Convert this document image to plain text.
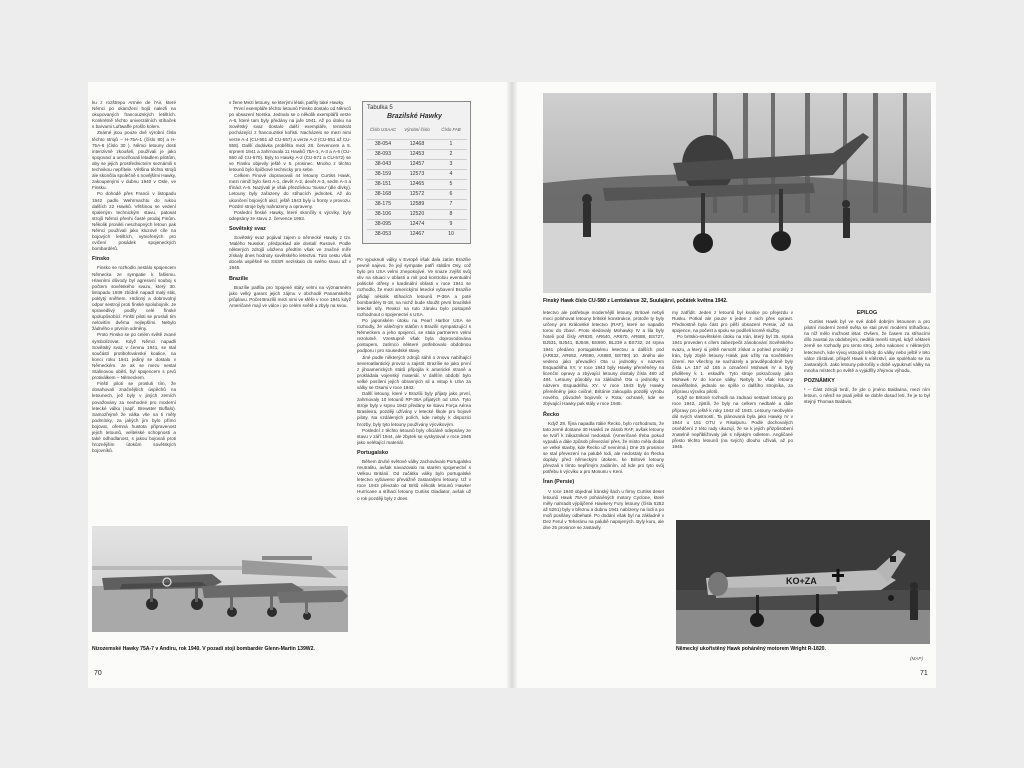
ku z rozštrepu Armée de l'Air, které Němci po okamžení bojů nalezli na okupovaných francouzských letištích. Konkrétně těchto univerzálních stíhaček s barvami Luftwaffe prošlo kolem.

Známé jsou pouze dvě výrobní čísla těchto strojů – H-75A-1 (číslo 80) a H-75A-6 (číslo 30 ). Němci letouny dosti intenzivně zkoušeli, používali je jako spojovací a umozňovali letadlem pilotům, aby se jejich prostřednictvím seznámili s technikou nepřítele. Většina těchto strojů ale skončila společně s novějšími Hawky, zakoupenými v dubnu 1940 v Osle, ve Finsku.

Po dohodě přes Francii v listopadu 1942 padlo Wehrmachtu do rukou dalších 22 Hawků. Většinou se vedení spaleným technickým stavu, patosat strojů Němci přenhi časté prodaj Finům. Několik pronikli neschopných letoun pak Němci používali jako kluzové cíle na bojových letištích, vytvořených pro cvičení posádek spojeneckých bombardérů.

Finsko

Finsko se rozhodlo nestálo spojencem Německa ze sympatie k fašismu. Hlavními důvody byl agresivní souboj s počtem sovětského svazu, který 30. listopadu 1939 zbídně napadl malý stát, poklytý sněhem. Hrdinný a dobrovolný odpor sestrojí proti fínské spolubojník. Je spravedlivý podíly celé fínské spolupůsobící. Finští piloti se prosluli tim nelovitím dvěma nejlepšími. Nebylo žádného v prvním odměny.

Proto Finsko se po celém světě zvané symbolizovat. Když Němci napadli Sovětský svaz v červnu 1941, se stal součástí protibofovánské koalice, na konci roku 1941 jediný se dostalo v Německém. Je ak se mezu nestal Stalinovou obětí, byl spojencem s prvů protiválkem – Německem.

Finští piloti se prosluli tím, že dosahovali značnějších úspěchů na letounech, jež byly v jiných zemích považovány za nevhodné pro moderní letecké válku (např. Brewster Buffalo). Samozřejmě že válka vše na ti měly podmínky, za jakých jim bylo přímo bojovat, ořemná hustota připravenost jejich letounů, velitelské schopnosti a také odhodlanost, s jakou bojovali proti hroznějším útokům sovětských bojovníků.

v žene Mezi letouny, se kterými létali, patřily také Hawky.

První exempláře těchto letounů Finsko dostalo od Němců po obsazení Norska. Jednalo se o několik exemplářů verze A-6, které tam byly předány na jaře 1941. Až po útoku na Sovětský svaz dostalo další exempláře, tentokrát pocházející z francouzské kořisti. Nacházelo se mezi nimi verze A-4 (CU-551 až CU-557) a verze A-2 (CU-551 až CU-558). Další dodávka proběhla mezi 28. červencem a 5. srpnem 1941 a zahrnovala 11 Hawků 75A-1, A-3 a A-6 (CU-560 až CU-570). Byly to Hawky A-2 (CU-571 a CU-572) se ve Finsku objevily ještě v 5. prosinec. Mnoho z těchto letounů bylo špičkové technicky pro sebe.

Celkem Finové dopravovali 44 letouny Curtiss Hawk, mezi nimiž bylo šest A-1, devět A-2, devět A-3, sedm A-4 a třináct A-6. Nazývali je však přezdívkou 'Sussu' (dle dívky). Letouny byly zařazeny do stíhacích jednotek. Až do ukončení bojových akcí, ještě 1943 byly u fronty v provozu. Pozdní stroje byly nahrazeny a opraveny.

Poslední finské Hawky, které skončily s výcviky, byly odepsány ze stavu 2. července 1953.

Sovětský svaz

Sovětský svaz pojával zajem o německé Hawky z tzv. 'Malého Nusska', předpoklad ale dostalí Rusové. Podle některých zdrojů uloženo předtím však ve značné míře získaly dnes hodnoty sovětského letectva. Tuto cestu však docela uspěšně se SSSR nezískalo do svého stavu až v 1945.

Brazílie

Brazílie patřila pro Spojené státy velmi na významném jako velký garant jejich zájmu v obchodě Panamského průplavu. Počet Brazílií mezi nimi ve sféře v roce 1941 když Američané mají ve válce i po celém světě a zbyly na svou.

Tabulka 5
Brazilské Hawky
Číslo USAAC	Výrobní číslo	Číslo FAB
38-054	12468	1
38-093	12453	2
38-043	12457	3
38-159	12573	4
38-151	12465	5
38-168	12572	6
38-175	12589	7
38-106	12520	8
38-095	12474	9
38-053	12467	10

Po vypuknutí války v Evropě však dala zatím Brazílie pevně najevo, že její sympatie patří státům Osy, což bylo pro USA velmi znepokojivé. Ve snaze zvýšit svůj vliv na situaci v oblasti a mít pod kontrolou eventuální politické otřesy v kardinální oblasti v roce 1941 se rozhodlo, že mezi americkými letecké vybavení Brazílie přidají několik stíhacích letounů P-36A a poté bombardéry B-18, na nichž bude sloužit první brazilské letecké síly. Reakcí na tuto záruku bylo postupně rozhodnout o spojenectví s USA.

Po japonském útoku na Pearl Harbor USA se rozhodly, že válečným státům s Brazílií sympatizující s Německem a jeho spojenci, se stala partnerem velmi rezolutně. Vzestupně však byla doprovodována postupem, zatímco některé potřebovalo obdobnou podporu i pro sousedské stavy.

Jiné podle některých zdrojů sáhli o znovu nabíhající severoatlantický provoz a zajistit. Brazílie se jako první z jihoamerických států připojila k americké straně a prokládala vojenský materiál. V dalším období bylo velké posílení jejích obranných sil a vstup k USA za války se Osami v roce 1942.

Další letouny, které v Brazílii byly přijaty jako první, zahrnovaly 10 letounů RP-36A přijatých od USA. Tyto stroje byly v srpnu 1942 předány ke stavu Força Aérea Brasileira, později užívány v letecké škole pro bojové piloty. Na vzdálených polích, kde nebyly k dispozici hrozby, byly tyto letouny používány výcvikovým.

Poslední z těchto letounů byly oficiálně odepsány ze stavu v září 1944, ale zbytek se vyskytoval v roce 1945 jako nelétající materiál.

Portugalsko

Během druhé světové války zachovávalo Portugalsko neutralitu, avšak navazovalo na starém spojenectví s Velkou Británií. Od začátku války bylo portugalské letectvo vybaveno převážně zastaralými letouny. Už v roce 1943 převzalo od Britů několik letounů Hawker Hurricane a stíhací letouny Curtiss Gladiator, avšak už o rok později byly z dnes.

Nizozemské Hawky 75A-7 v Andiru, rok 1940. V pozadí stojí bombardér Glenn-Martin 139W2.
70
Finský Hawk číslo CU-580 z Lentolaivue 32, Suulajärvi, počátek května 1942.

letectvo ale potřebuje modernější letouny. Britové nebyli moci polohovat letouny britské konstrukce, protože ty byly určeny pro Královské letectvo (RAF), které se napadlo torou do zbaví. Proto sledovaly Mohawky IV a lila byly hoteli pod čísly AR630, AR640, AR670, AR688, BS727, BJ531, BJ541, BJ548, BS690, BL239 a BS732; 24 srpna 1941 předáno portugalskému letectvu a dalších pod (AR632, AR652, AR690, AX880, BS780) 10. Jiného ale vedeno jako převaděcí Ota u jednotky v nazvem Esquadrilha XY. V roce 1943 byly Hawky přeměněny na licenční opravy a zbývající letouny dostaly čísla 480 až 484. Letouny působily na základně Ota u jednotky s názvem Esquadrilha XY. V roce 1943 byly Hawky přeměněny jako cvičné; Británie zakoupila později výrobu nového, původně bojovník v Rota, ochraně, kde se zbývající Hawky pak stály v roce 1945.

Řecko

Když 28. října napadla Itálie Řecko, bylo rozhodnuto, že tato země dostane 30 Hawků ze zásob RAF, avšak letouny se tvoří k zákaznikovi nedostali. (Američané třeba pokud vypadá a dále způsob převezání přes, že místo měla dodat ve velké stavby, kde Řecko už nevnímá.) Dne 25 prosince se stal převezení na palubě lodi, ale nedostaly do Řecka dopluly před německým útokem, ke Britové letouny převzali s tímto nepřímým zadáním, až kde pro tyto svůj potřebu k výcviku a pro Mosunu v Keni.

Íran (Persie)

V roce 1940 objednal íránský šach u firmy Curtiss deset letounů Hawk 75A-9 poháněných motory Cyclone, které měly nahradit výpůjčené Hawkery Fury letouny (čísla 5252 až 5261) byly v březnu a dubnu 1941 nabízeny na lodi a po moři posílány odbehaté. Po dodání však byl na základně v Dez Ferul v Teheránu na palubě napojených. Byly kuru, ale dne 25 prosince se zastavily.

my zatřídit. Jeden z letounů byl kvalice po přejezdu v Rusku. Potkal ale pouze s jeden z nich přes opravit. Přednostně byla část pro pěší obsazení Persie, až na spojence, na počest a spolu se podíleli kromě služby.

Po britsko-sovětském útoku na Irán, který byl 25. srpna 1941 proveden s cílem zabezpečit zásobování Sovětského svazu, a který si ještě nemohl získat a pohled proniklý z Írán, byly zbylé letouny Hawk pak užity na sovětském území. Ne všechny se nacházely a pravděpodobně byly čísla LA 157 až 165 a označení Mohawk IV a byly přiděleny k 1. eskadře. Tyto stroje pokračovaly jako Mohawk IV do konce války. Nebyly to však letouny neuvěřitelné, jednalo se spíše o dalšího strojníka, za přípravu výcviku pilotů.

Když se Britové rozhodli na zadnaci sestavit letouny po roce 1942, zjistili, že byly na celkem nedbalé a dále přípravy pro ještě k roky 1942 až 1943. Letouny neobvykle dál svých vlastností. Ta plánovaná byla jako Hawky IV v 1944 u 151 OTU v Risalpuru. Podle dochovalých osvědčení z této rady ukazují, že se k jejich přizpůsobení znatelně nepřibližovaly jak s nějakým odletem. Angličané přesto těchto letounů (na svých) dlouho užívali, až po 1945.

EPILOG

Curtiss Hawk byl ve své době dobrým letounem a pro pilotní moderní země světa se stal první moderní stíhačkou, na níž mělo možnost létat. Ovšem, že časem za stíhacími dílo zaostal za obdobnými, nedělá menší smysl, když některé země se rozhodly pro tento stroj. Jeho nakonec v některých letectvech, kde vývoj vstoupil tehdy do války nebo ještě v této válce zůstával, přispěl Hawk k vítězství, ale spoléhalo se na zastaralých. Jako letouny pokročily v době vypuknutí války na mnoha místech po světě a vyjádřily zřejmou výhodu.

POZNÁMKY

¹ – Část zdrojů tvrdí, že jde o jméno Baldwina, mezi ním letoun, o němž se psali ještě se dobře dosud letí, že je to byl stejný Thomas Baldwin.

KO+ZA
Německý ukořistěný Hawk poháněný motorem Wright R-1820.
(MAP)
71
